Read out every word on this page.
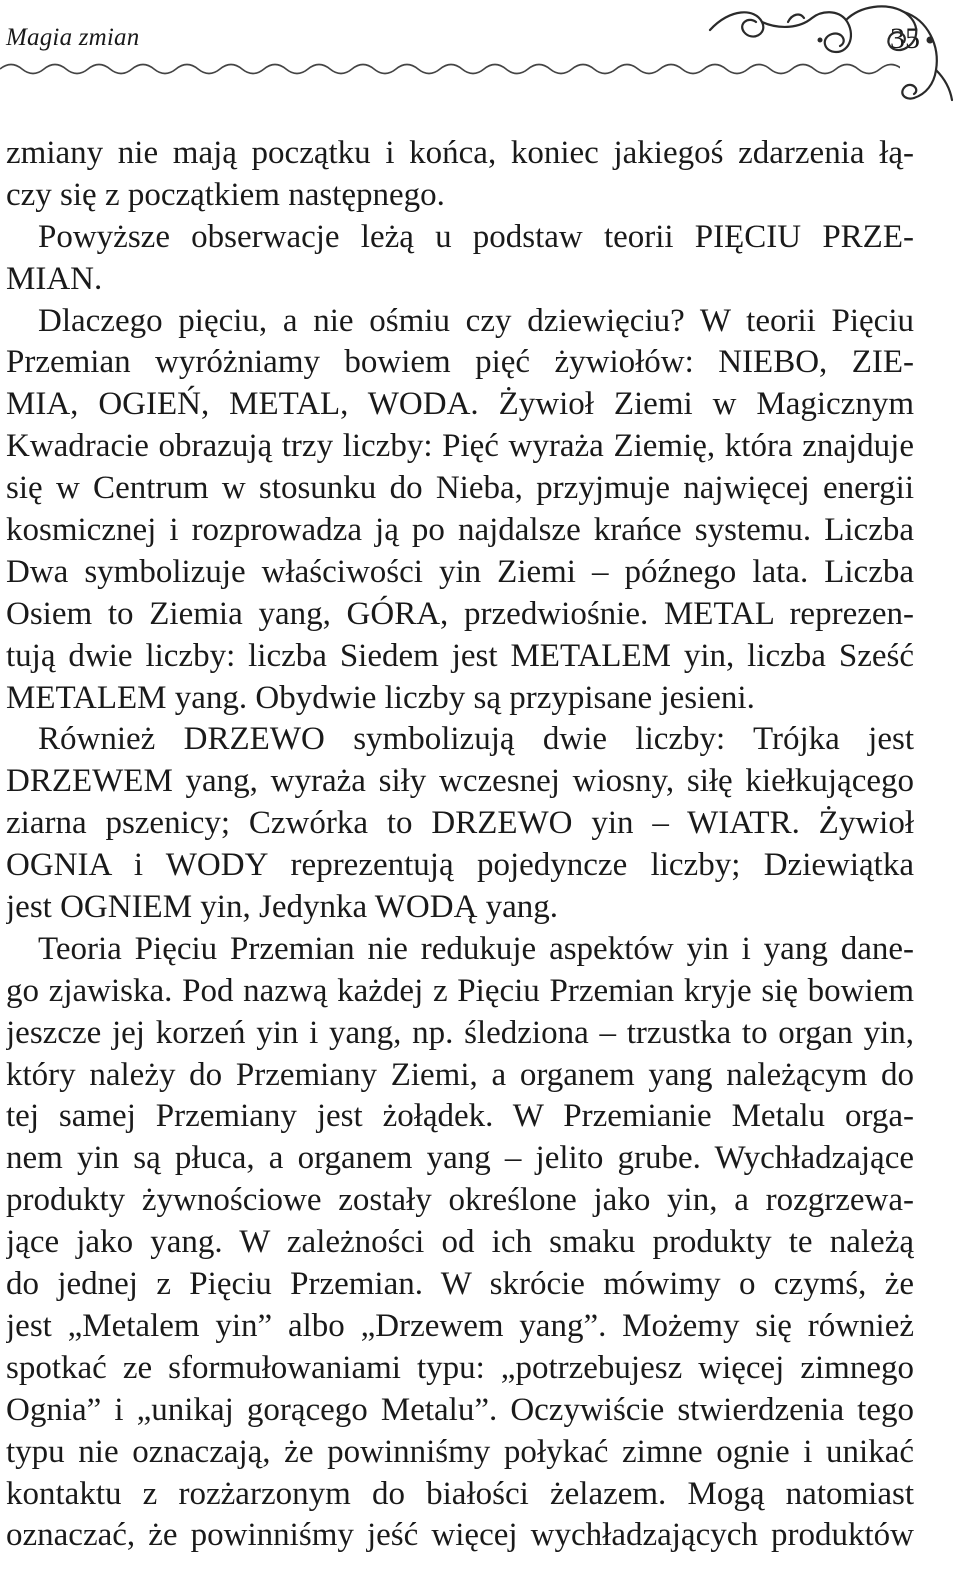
Magia zmian	35
zmiany nie mają początku i końca, koniec jakiegoś zdarzenia łą-
czy się z początkiem następnego.
Powyższe obserwacje leżą u podstaw teorii PIĘCIU PRZE-
MIAN.
Dlaczego pięciu, a nie ośmiu czy dziewięciu? W teorii Pięciu
Przemian wyróżniamy bowiem pięć żywiołów: NIEBO, ZIE-
MIA, OGIEŃ, METAL, WODA. Żywioł Ziemi w Magicznym
Kwadracie obrazują trzy liczby: Pięć wyraża Ziemię, która znajduje
się w Centrum w stosunku do Nieba, przyjmuje najwięcej energii
kosmicznej i rozprowadza ją po najdalsze krańce systemu. Liczba
Dwa symbolizuje właściwości yin Ziemi – późnego lata. Liczba
Osiem to Ziemia yang, GÓRA, przedwiośnie. METAL reprezen-
tują dwie liczby: liczba Siedem jest METALEM yin, liczba Sześć
METALEM yang. Obydwie liczby są przypisane jesieni.
Również DRZEWO symbolizują dwie liczby: Trójka jest
DRZEWEM yang, wyraża siły wczesnej wiosny, siłę kiełkującego
ziarna pszenicy; Czwórka to DRZEWO yin – WIATR. Żywioł
OGNIA i WODY reprezentują pojedyncze liczby; Dziewiątka
jest OGNIEM yin, Jedynka WODĄ yang.
Teoria Pięciu Przemian nie redukuje aspektów yin i yang dane-
go zjawiska. Pod nazwą każdej z Pięciu Przemian kryje się bowiem
jeszcze jej korzeń yin i yang, np. śledziona – trzustka to organ yin,
który należy do Przemiany Ziemi, a organem yang należącym do
tej samej Przemiany jest żołądek. W Przemianie Metalu orga-
nem yin są płuca, a organem yang – jelito grube. Wychładzające
produkty żywnościowe zostały określone jako yin, a rozgrzewa-
jące jako yang. W zależności od ich smaku produkty te należą
do jednej z Pięciu Przemian. W skrócie mówimy o czymś, że
jest „Metalem yin” albo „Drzewem yang”. Możemy się również
spotkać ze sformułowaniami typu: „potrzebujesz więcej zimnego
Ognia” i „unikaj gorącego Metalu”. Oczywiście stwierdzenia tego
typu nie oznaczają, że powinniśmy połykać zimne ognie i unikać
kontaktu z rozżarzonym do białości żelazem. Mogą natomiast
oznaczać, że powinniśmy jeść więcej wychładzających produktów
